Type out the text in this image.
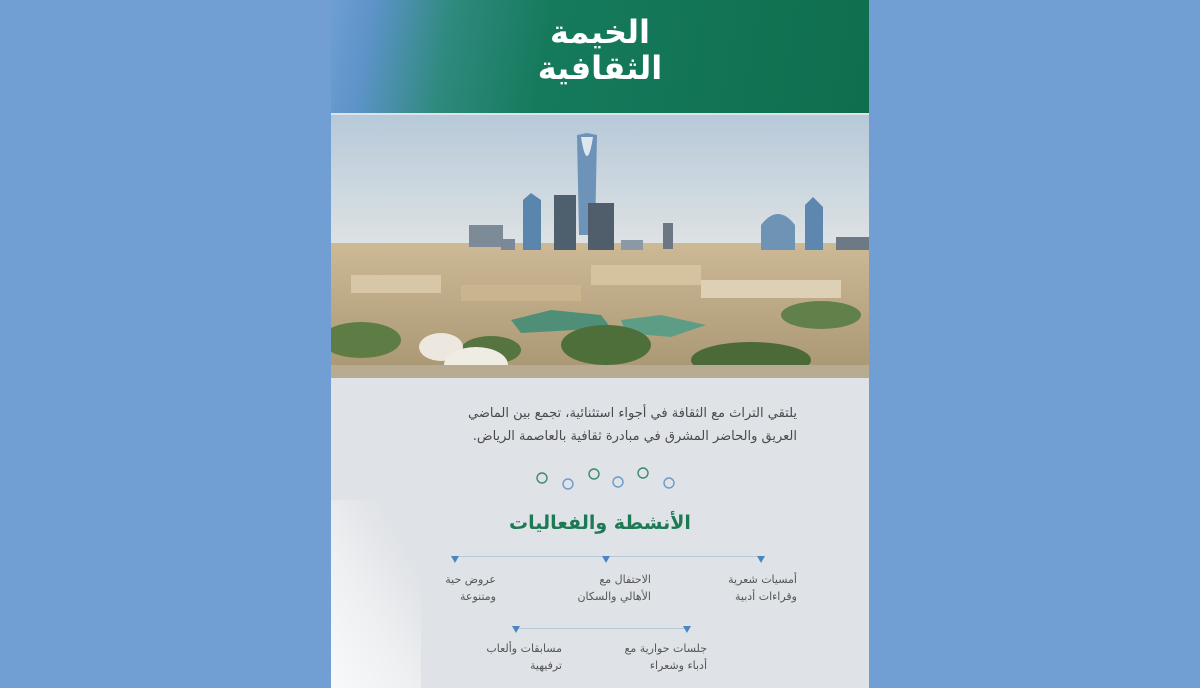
الخيمة
الثقافية
يلتقي التراث مع الثقافة في أجواء استثنائية، تجمع بين الماضي
العريق والحاضر المشرق في مبادرة ثقافية بالعاصمة الرياض.
الأنشطة والفعاليات
أمسيات شعرية
وقراءات أدبية
الاحتفال مع
الأهالي والسكان
عروض حية
ومتنوعة
جلسات حوارية مع
أدباء وشعراء
مسابقات وألعاب
ترفيهية
